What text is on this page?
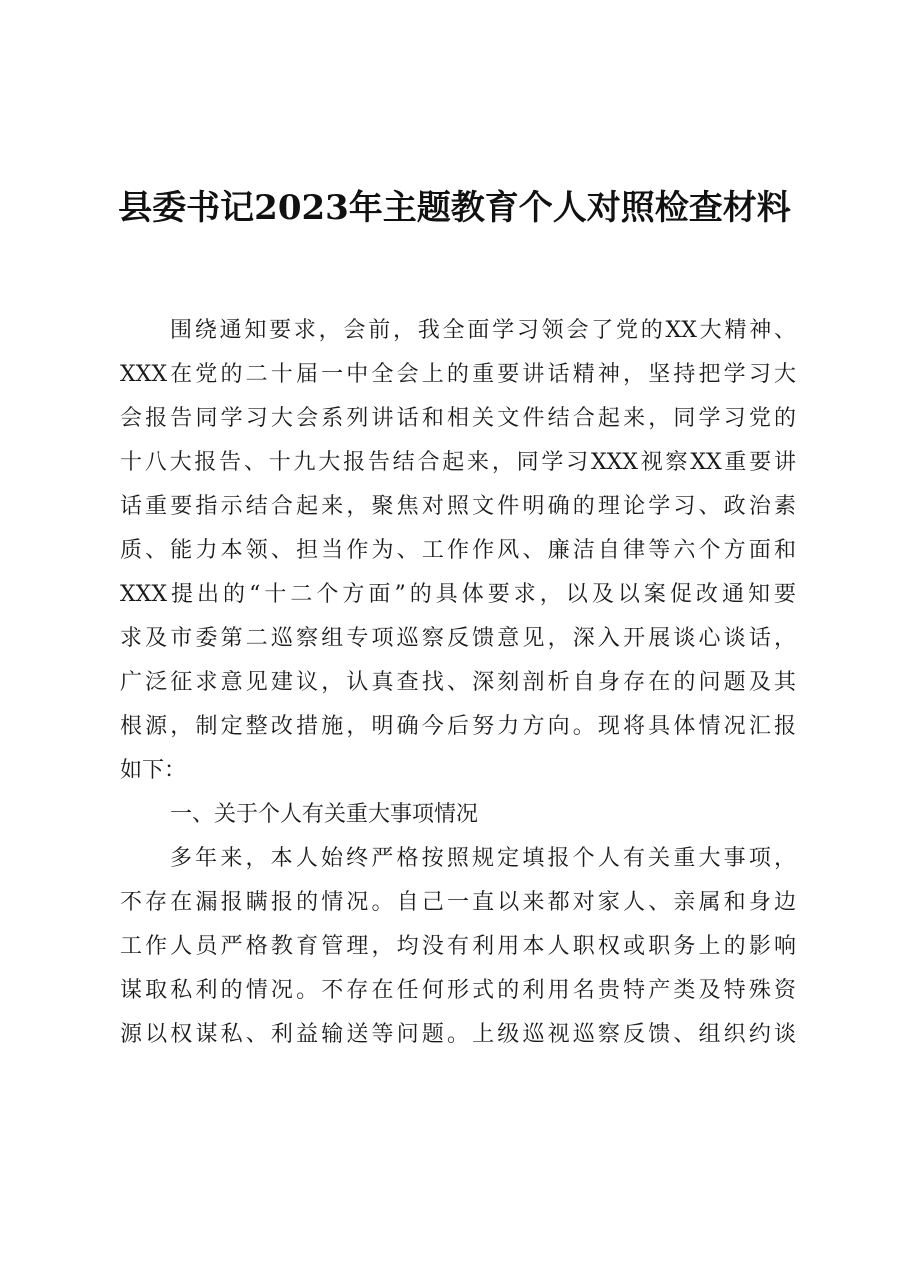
县委书记2023年主题教育个人对照检查材料
围绕通知要求，会前，我全面学习领会了党的XX大精神、
XXX在党的二十届一中全会上的重要讲话精神，坚持把学习大
会报告同学习大会系列讲话和相关文件结合起来，同学习党的
十八大报告、十九大报告结合起来，同学习XXX视察XX重要讲
话重要指示结合起来，聚焦对照文件明确的理论学习、政治素
质、能力本领、担当作为、工作作风、廉洁自律等六个方面和
XXX提出的“十二个方面”的具体要求，以及以案促改通知要
求及市委第二巡察组专项巡察反馈意见，深入开展谈心谈话，
广泛征求意见建议，认真查找、深刻剖析自身存在的问题及其
根源，制定整改措施，明确今后努力方向。现将具体情况汇报
如下：
一、关于个人有关重大事项情况
多年来，本人始终严格按照规定填报个人有关重大事项，
不存在漏报瞒报的情况。自己一直以来都对家人、亲属和身边
工作人员严格教育管理，均没有利用本人职权或职务上的影响
谋取私利的情况。不存在任何形式的利用名贵特产类及特殊资
源以权谋私、利益输送等问题。上级巡视巡察反馈、组织约谈
